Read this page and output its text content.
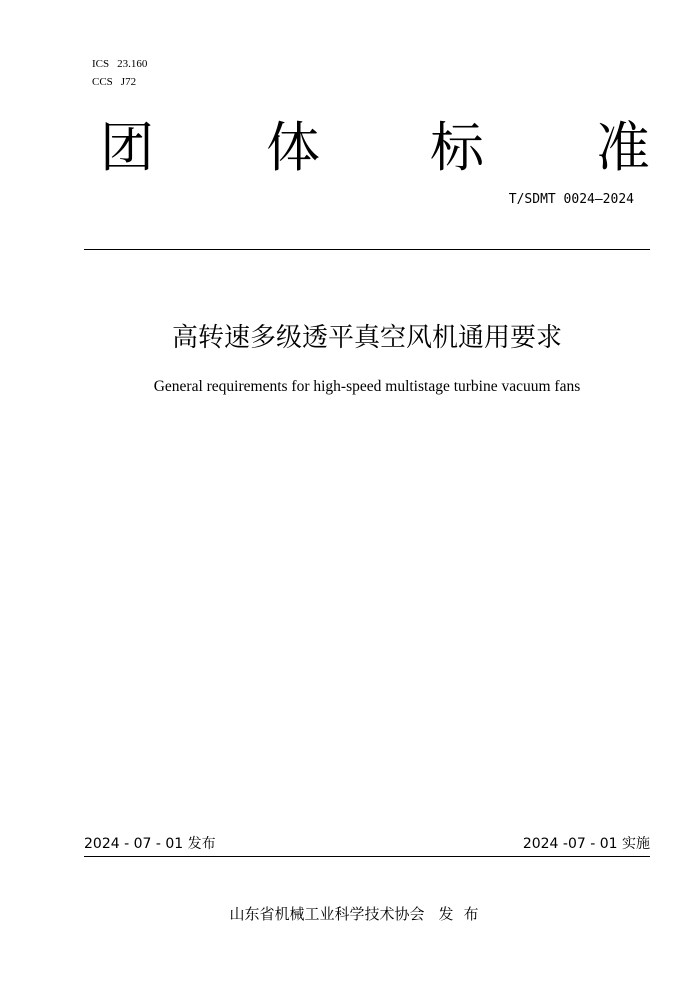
ICS 23.160
CCS J72
团 体 标 准
T/SDMT 0024—2024
高转速多级透平真空风机通用要求
General requirements for high-speed multistage turbine vacuum fans
2024 - 07 - 01 发布	2024 -07 - 01 实施
山东省机械工业科学技术协会 发布
